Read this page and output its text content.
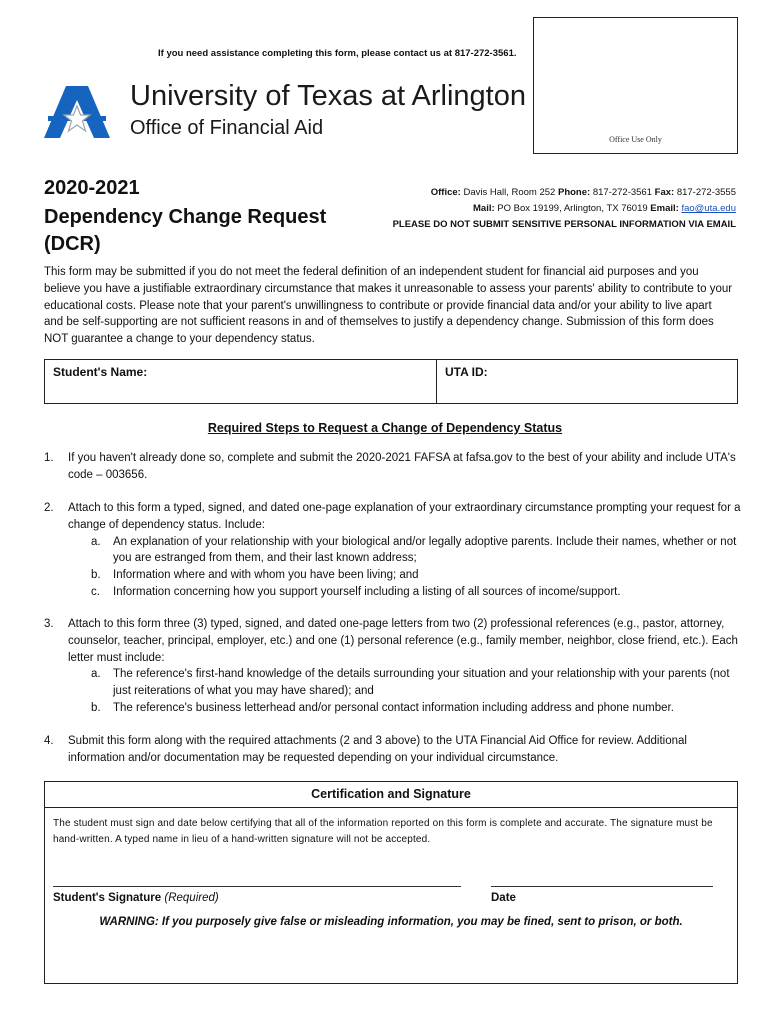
If you need assistance completing this form, please contact us at 817-272-3561.
Office Use Only
University of Texas at Arlington
Office of Financial Aid
2020-2021
Dependency Change Request (DCR)
Office: Davis Hall, Room 252 Phone: 817-272-3561 Fax: 817-272-3555
Mail: PO Box 19199, Arlington, TX 76019 Email: fao@uta.edu
PLEASE DO NOT SUBMIT SENSITIVE PERSONAL INFORMATION VIA EMAIL
This form may be submitted if you do not meet the federal definition of an independent student for financial aid purposes and you believe you have a justifiable extraordinary circumstance that makes it unreasonable to assess your parents' ability to contribute to your educational costs. Please note that your parent's unwillingness to contribute or provide financial data and/or your ability to live apart and be self-supporting are not sufficient reasons in and of themselves to justify a dependency change. Submission of this form does NOT guarantee a change to your dependency status.
Student's Name:	UTA ID:
Required Steps to Request a Change of Dependency Status
1. If you haven't already done so, complete and submit the 2020-2021 FAFSA at fafsa.gov to the best of your ability and include UTA's code – 003656.
2. Attach to this form a typed, signed, and dated one-page explanation of your extraordinary circumstance prompting your request for a change of dependency status. Include:
a. An explanation of your relationship with your biological and/or legally adoptive parents. Include their names, whether or not you are estranged from them, and their last known address;
b. Information where and with whom you have been living; and
c. Information concerning how you support yourself including a listing of all sources of income/support.
3. Attach to this form three (3) typed, signed, and dated one-page letters from two (2) professional references (e.g., pastor, attorney, counselor, teacher, principal, employer, etc.) and one (1) personal reference (e.g., family member, neighbor, close friend, etc.). Each letter must include:
a. The reference's first-hand knowledge of the details surrounding your situation and your relationship with your parents (not just reiterations of what you may have shared); and
b. The reference's business letterhead and/or personal contact information including address and phone number.
4. Submit this form along with the required attachments (2 and 3 above) to the UTA Financial Aid Office for review. Additional information and/or documentation may be requested depending on your individual circumstance.
Certification and Signature
The student must sign and date below certifying that all of the information reported on this form is complete and accurate. The signature must be hand-written. A typed name in lieu of a hand-written signature will not be accepted.
Student's Signature (Required)	Date
WARNING: If you purposely give false or misleading information, you may be fined, sent to prison, or both.
